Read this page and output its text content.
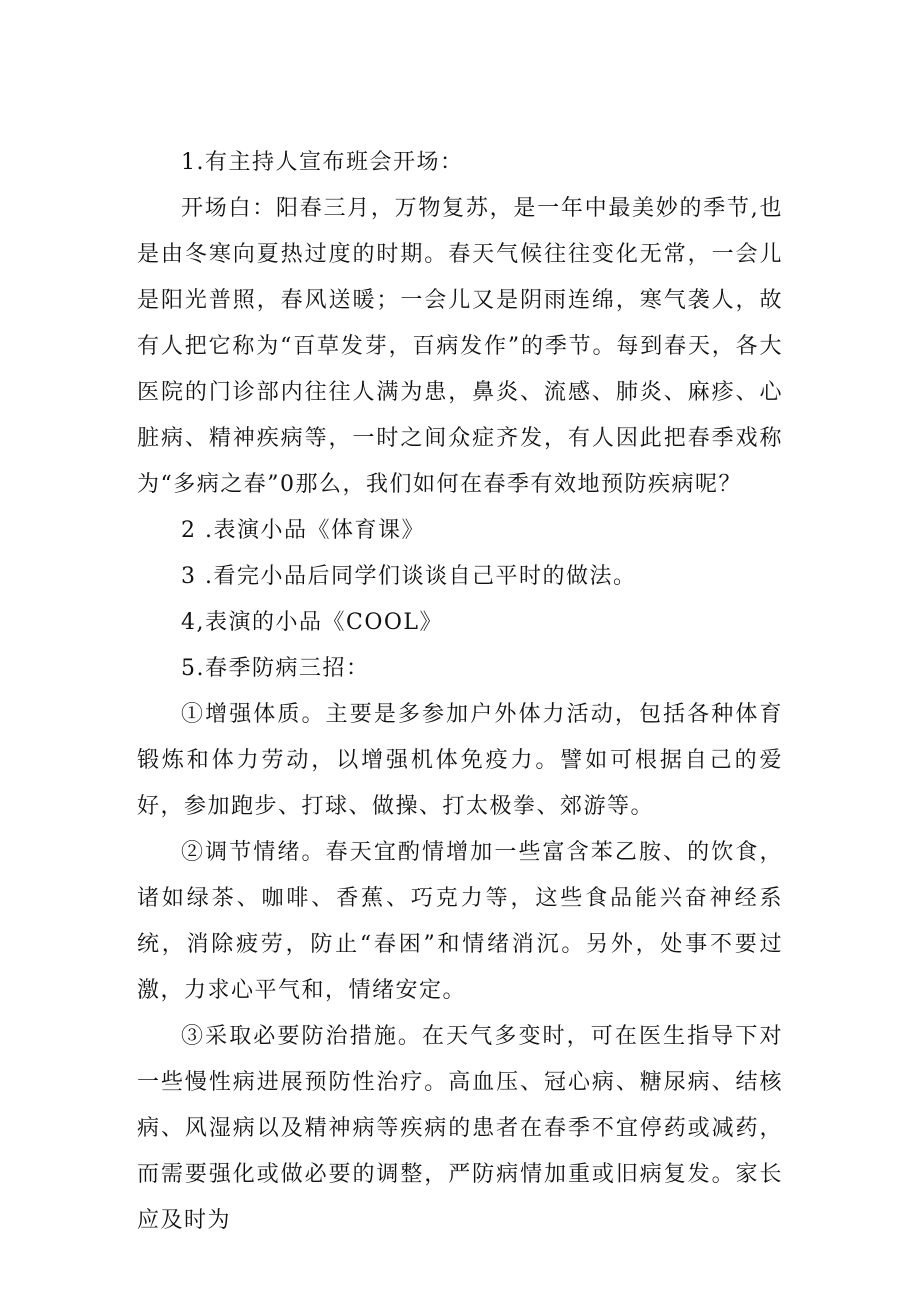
1.有主持人宣布班会开场：

开场白：阳春三月，万物复苏，是一年中最美妙的季节,也是由冬寒向夏热过度的时期。春天气候往往变化无常，一会儿是阳光普照，春风送暖；一会儿又是阴雨连绵，寒气袭人，故有人把它称为“百草发芽，百病发作”的季节。每到春天，各大医院的门诊部内往往人满为患，鼻炎、流感、肺炎、麻疹、心脏病、精神疾病等，一时之间众症齐发，有人因此把春季戏称为“多病之春”0那么，我们如何在春季有效地预防疾病呢？

2 .表演小品《体育课》

3 .看完小品后同学们谈谈自己平时的做法。

4,表演的小品《COOL》

5.春季防病三招：

①增强体质。主要是多参加户外体力活动，包括各种体育锻炼和体力劳动，以增强机体免疫力。譬如可根据自己的爱好，参加跑步、打球、做操、打太极拳、郊游等。

②调节情绪。春天宜酌情增加一些富含苯乙胺、的饮食，诸如绿茶、咖啡、香蕉、巧克力等，这些食品能兴奋神经系统，消除疲劳，防止“春困”和情绪消沉。另外，处事不要过激，力求心平气和，情绪安定。

③采取必要防治措施。在天气多变时，可在医生指导下对一些慢性病进展预防性治疗。高血压、冠心病、糖尿病、结核病、风湿病以及精神病等疾病的患者在春季不宜停药或减药，而需要强化或做必要的调整，严防病情加重或旧病复发。家长应及时为
